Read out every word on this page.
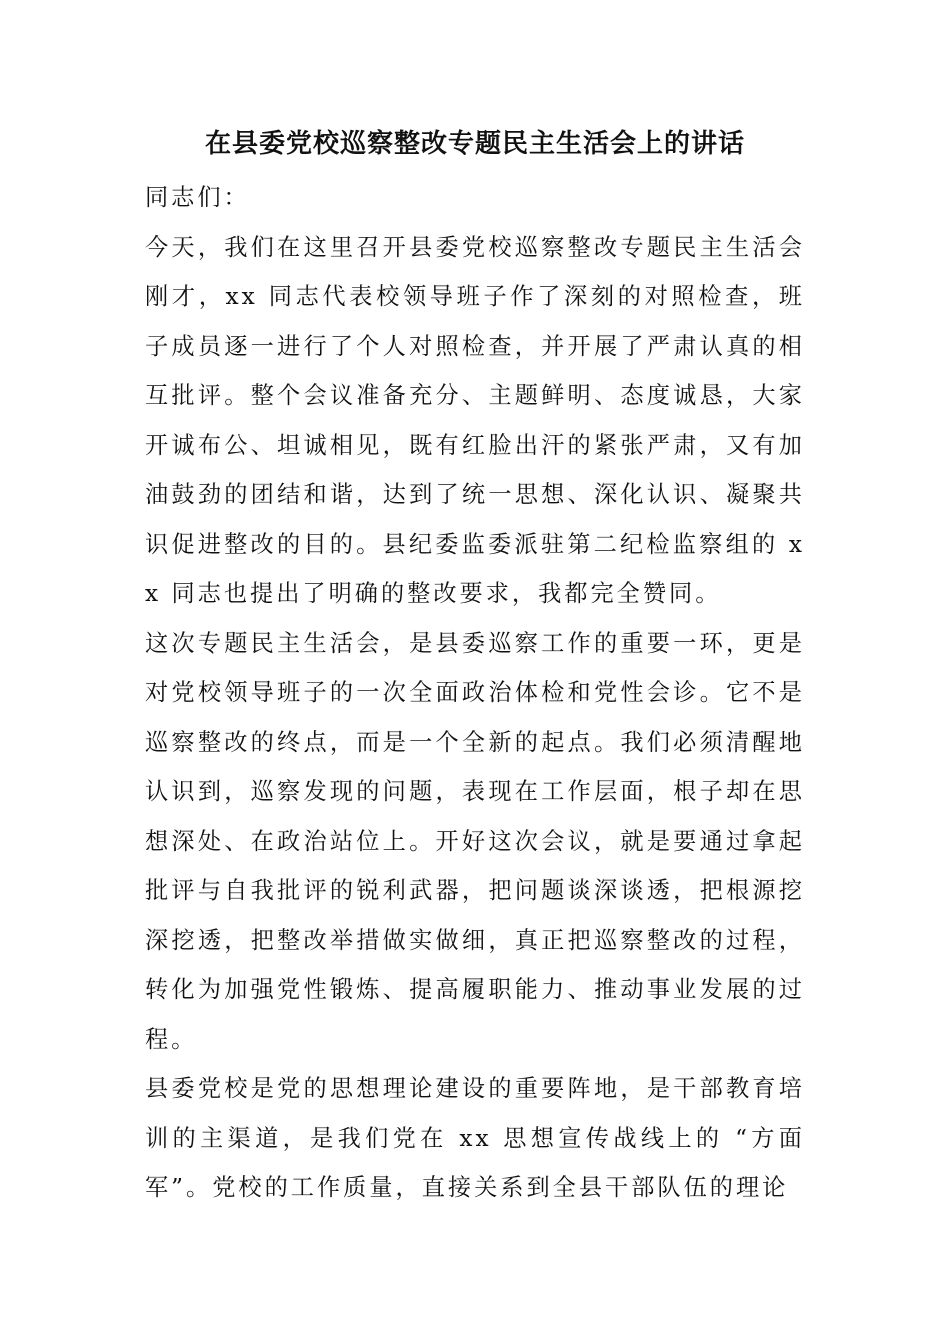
在县委党校巡察整改专题民主生活会上的讲话

同志们：

今天，我们在这里召开县委党校巡察整改专题民主生活会刚才，xx 同志代表校领导班子作了深刻的对照检查，班子成员逐一进行了个人对照检查，并开展了严肃认真的相互批评。整个会议准备充分、主题鲜明、态度诚恳，大家开诚布公、坦诚相见，既有红脸出汗的紧张严肃，又有加油鼓劲的团结和谐，达到了统一思想、深化认识、凝聚共识促进整改的目的。县纪委监委派驻第二纪检监察组的 xx 同志也提出了明确的整改要求，我都完全赞同。

这次专题民主生活会，是县委巡察工作的重要一环，更是对党校领导班子的一次全面政治体检和党性会诊。它不是巡察整改的终点，而是一个全新的起点。我们必须清醒地认识到，巡察发现的问题，表现在工作层面，根子却在思想深处、在政治站位上。开好这次会议，就是要通过拿起批评与自我批评的锐利武器，把问题谈深谈透，把根源挖深挖透，把整改举措做实做细，真正把巡察整改的过程，转化为加强党性锻炼、提高履职能力、推动事业发展的过程。

县委党校是党的思想理论建设的重要阵地，是干部教育培训的主渠道，是我们党在 xx 思想宣传战线上的 “方面军”。党校的工作质量，直接关系到全县干部队伍的理论
